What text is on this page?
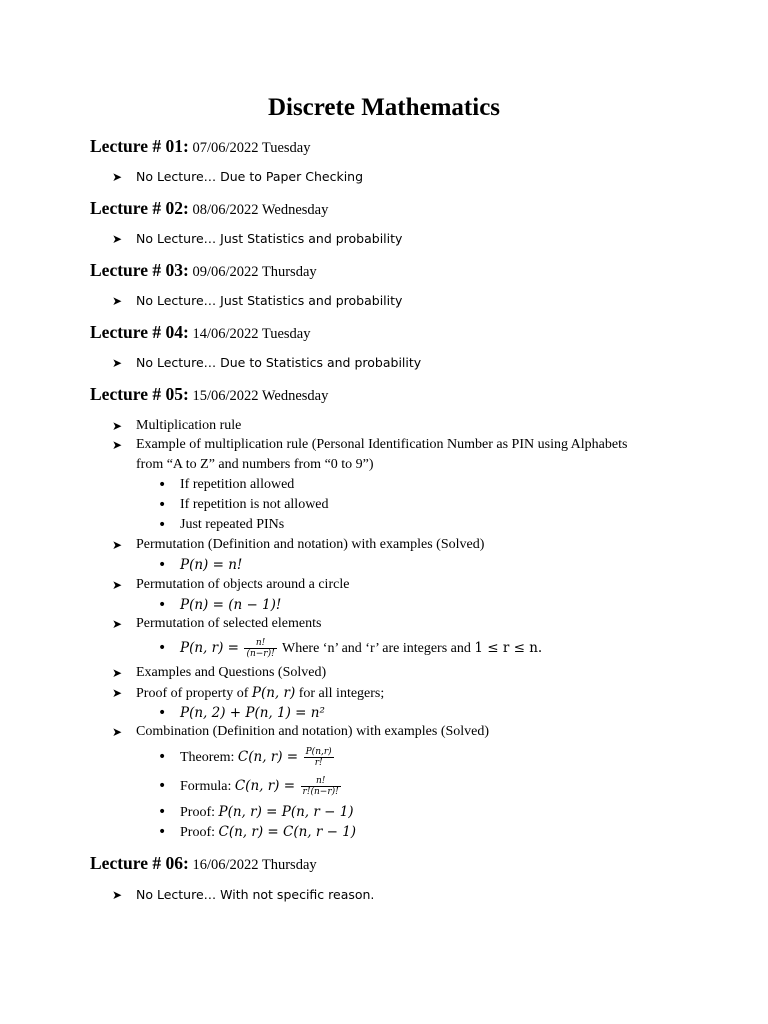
Discrete Mathematics
Lecture # 01: 07/06/2022 Tuesday
➤ No Lecture… Due to Paper Checking
Lecture # 02: 08/06/2022 Wednesday
➤ No Lecture… Just Statistics and probability
Lecture # 03: 09/06/2022 Thursday
➤ No Lecture… Just Statistics and probability
Lecture # 04: 14/06/2022 Tuesday
➤ No Lecture… Due to Statistics and probability
Lecture # 05: 15/06/2022 Wednesday
➤ Multiplication rule
➤ Example of multiplication rule (Personal Identification Number as PIN using Alphabets
from “A to Z” and numbers from “0 to 9”)
• If repetition allowed
• If repetition is not allowed
• Just repeated PINs
➤ Permutation (Definition and notation) with examples (Solved)
• P(n) = n!
➤ Permutation of objects around a circle
• P(n) = (n − 1)!
➤ Permutation of selected elements
• P(n, $r) = \frac{n!}{(n-r)!}$ Where ‘n’ and ‘r’ are integers and 1 ≤ r ≤ n.
➤ Examples and Questions (Solved)
➤ Proof of property of P(n, r) for all integers;
• P(n, 2) + P(n, 1) = n²
➤ Combination (Definition and notation) with examples (Solved)
• Theorem: C(n, $r) = \frac{P(n,r)}{r!}$
• Formula: C(n, $r) = \frac{n!}{r!(n-r)!}$
• Proof: P(n, r) = P(n, r − 1)
• Proof: C(n, r) = C(n, r − 1)
Lecture # 06: 16/06/2022 Thursday
➤ No Lecture… With not specific reason.
